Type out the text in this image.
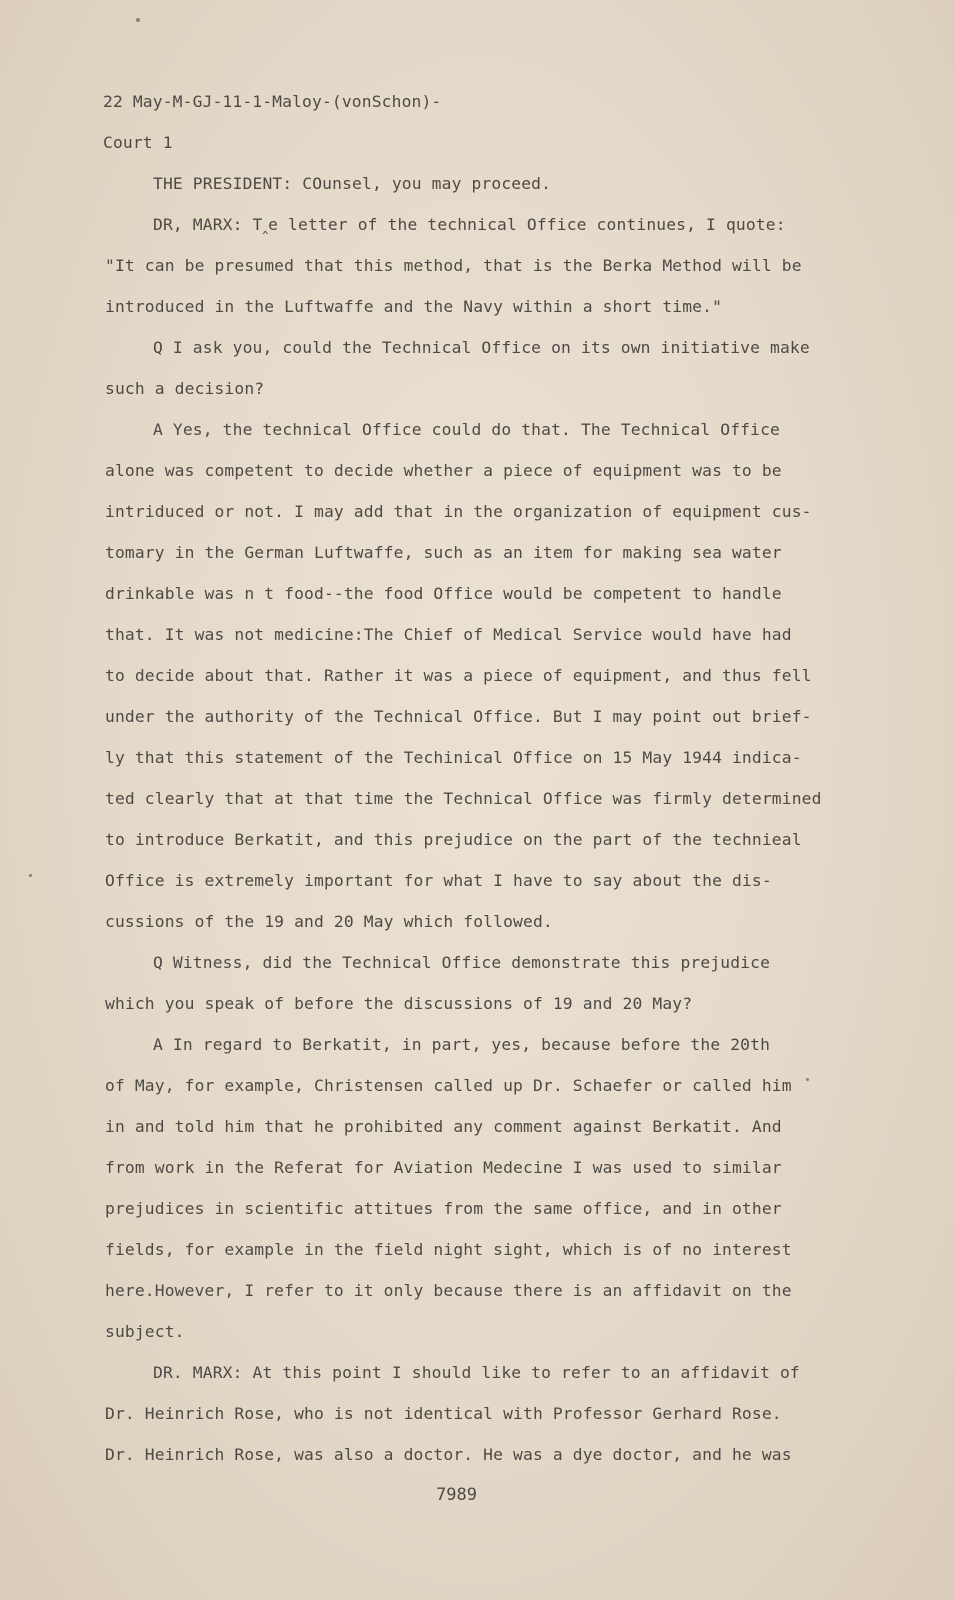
22 May-M-GJ-11-1-Maloy-(vonSchon)-
Court 1
THE PRESIDENT: COunsel, you may proceed.
DR, MARX: T‸e letter of the technical Office continues, I quote:
"It can be presumed that this method, that is the Berka Method will be
introduced in the Luftwaffe and the Navy within a short time."
Q I ask you, could the Technical Office on its own initiative make
such a decision?
A Yes, the technical Office could do that. The Technical Office
alone was competent to decide whether a piece of equipment was to be
intriduced or not. I may add that in the organization of equipment cus-
tomary in the German Luftwaffe, such as an item for making sea water
drinkable was n t food--the food Office would be competent to handle
that. It was not medicine:The Chief of Medical Service would have had
to decide about that. Rather it was a piece of equipment, and thus fell
under the authority of the Technical Office. But I may point out brief-
ly that this statement of the Techinical Office on 15 May 1944 indica-
ted clearly that at that time the Technical Office was firmly determined
to introduce Berkatit, and this prejudice on the part of the technieal
Office is extremely important for what I have to say about the dis-
cussions of the 19 and 20 May which followed.
Q Witness, did the Technical Office demonstrate this prejudice
which you speak of before the discussions of 19 and 20 May?
A In regard to Berkatit, in part, yes, because before the 20th
of May, for example, Christensen called up Dr. Schaefer or called him
in and told him that he prohibited any comment against Berkatit. And
from work in the Referat for Aviation Medecine I was used to similar
prejudices in scientific attitues from the same office, and in other
fields, for example in the field night sight, which is of no interest
here.However, I refer to it only because there is an affidavit on the
subject.
DR. MARX: At this point I should like to refer to an affidavit of
Dr. Heinrich Rose, who is not identical with Professor Gerhard Rose.
Dr. Heinrich Rose, was also a doctor. He was a dye doctor, and he was
7989
